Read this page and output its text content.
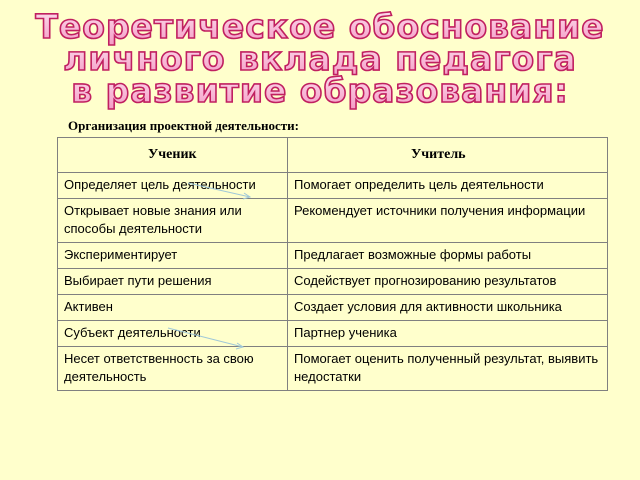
Теоретическое обоснование
личного вклада педагога
в развитие образования:
Организация проектной деятельности:
Ученик	Учитель
Определяет цель деятельности	Помогает определить цель деятельности
Открывает новые знания или способы деятельности	Рекомендует источники получения информации
Экспериментирует	Предлагает возможные формы работы
Выбирает пути решения	Содействует прогнозированию результатов
Активен	Создает условия для активности школьника
Субъект деятельности	Партнер ученика
Несет ответственность за свою деятельность	Помогает оценить полученный результат, выявить недостатки
